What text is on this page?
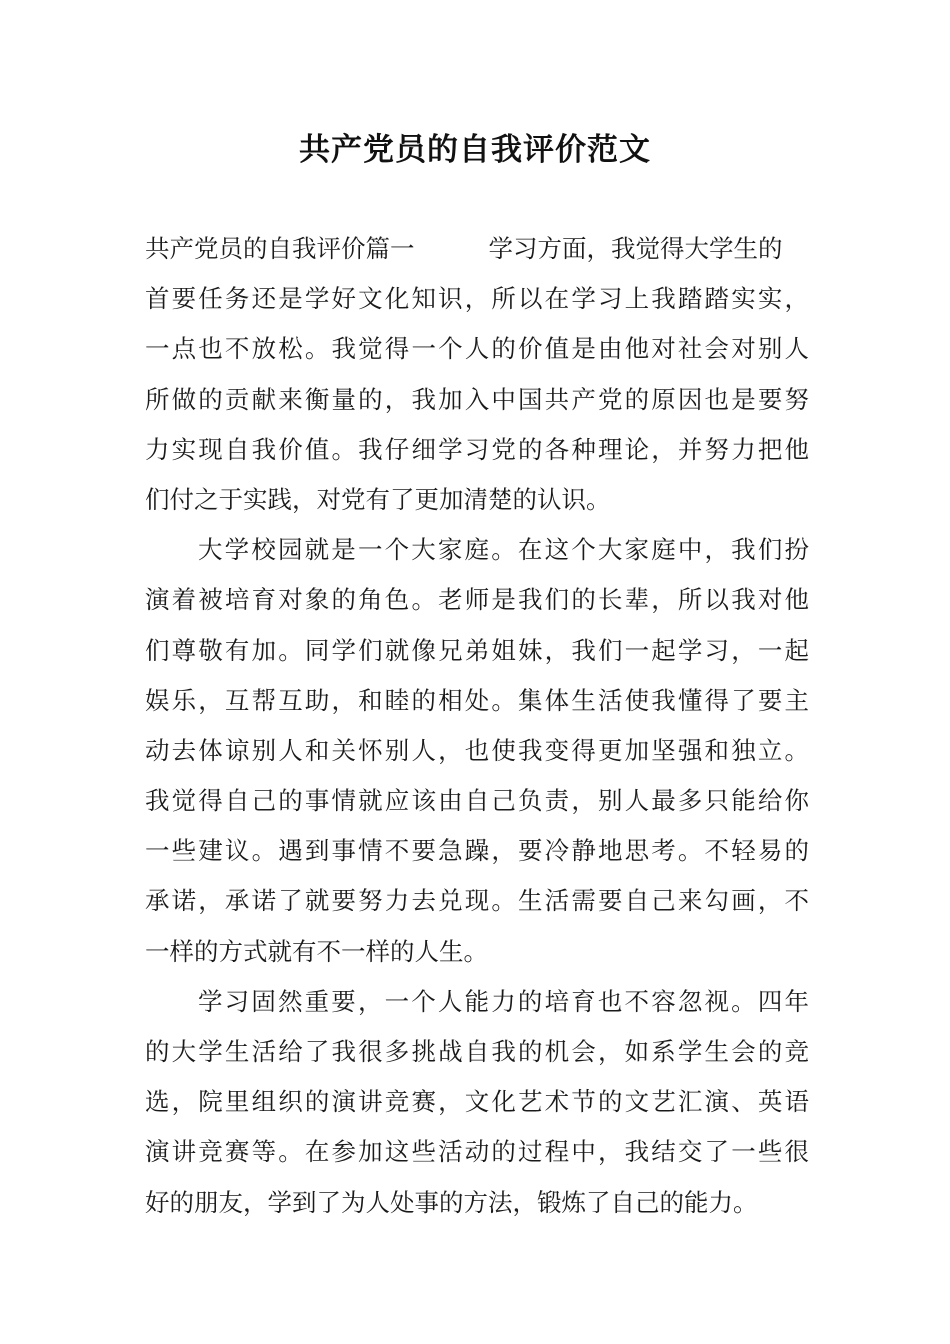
共产党员的自我评价范文
共产党员的自我评价篇一	学习方面，我觉得大学生的
首要任务还是学好文化知识，所以在学习上我踏踏实实，
一点也不放松。我觉得一个人的价值是由他对社会对别人
所做的贡献来衡量的，我加入中国共产党的原因也是要努
力实现自我价值。我仔细学习党的各种理论，并努力把他
们付之于实践，对党有了更加清楚的认识。
大学校园就是一个大家庭。在这个大家庭中，我们扮
演着被培育对象的角色。老师是我们的长辈，所以我对他
们尊敬有加。同学们就像兄弟姐妹，我们一起学习，一起
娱乐，互帮互助，和睦的相处。集体生活使我懂得了要主
动去体谅别人和关怀别人，也使我变得更加坚强和独立。
我觉得自己的事情就应该由自己负责，别人最多只能给你
一些建议。遇到事情不要急躁，要冷静地思考。不轻易的
承诺，承诺了就要努力去兑现。生活需要自己来勾画，不
一样的方式就有不一样的人生。
学习固然重要，一个人能力的培育也不容忽视。四年
的大学生活给了我很多挑战自我的机会，如系学生会的竞
选，院里组织的演讲竞赛，文化艺术节的文艺汇演、英语
演讲竞赛等。在参加这些活动的过程中，我结交了一些很
好的朋友，学到了为人处事的方法，锻炼了自己的能力。
